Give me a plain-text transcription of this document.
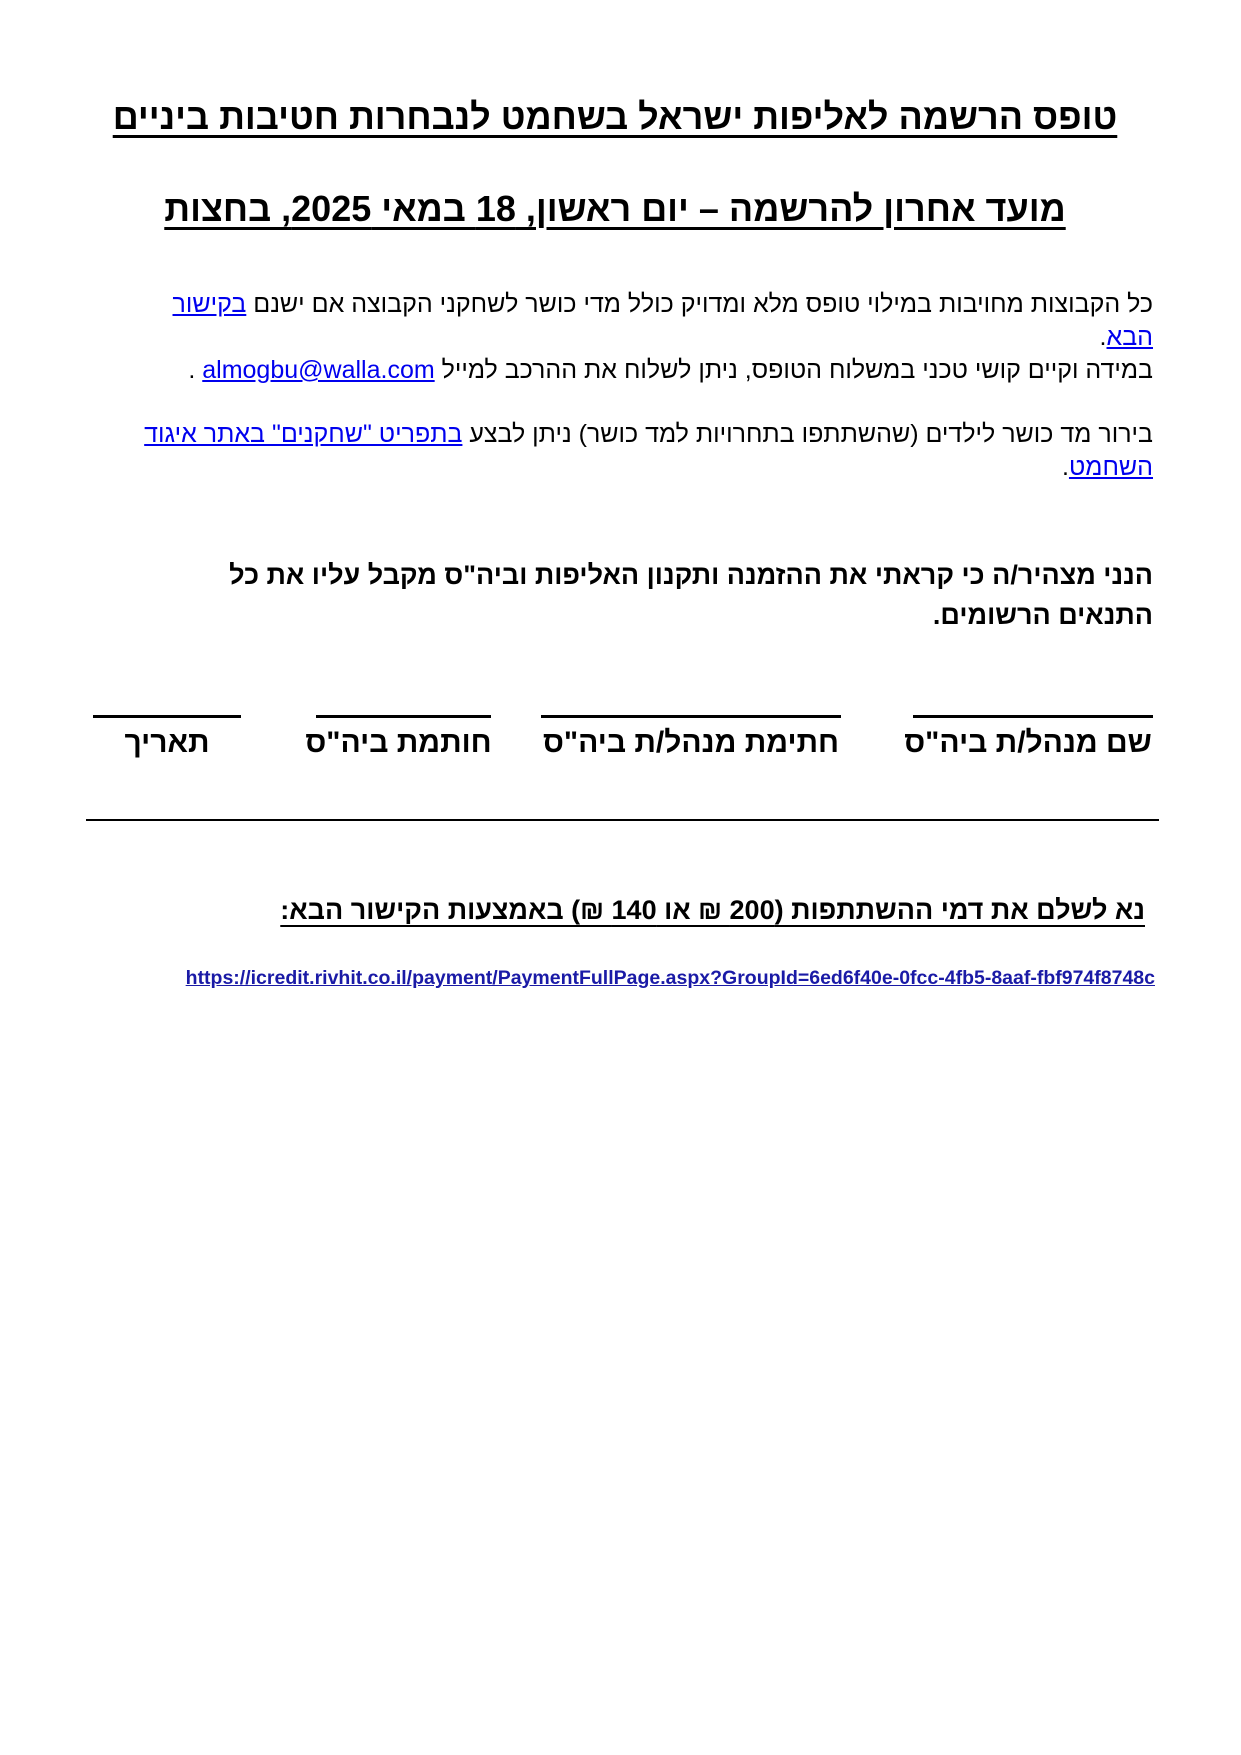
טופס הרשמה לאליפות ישראל בשחמט לנבחרות חטיבות ביניים
מועד אחרון להרשמה – יום ראשון, 18 במאי 2025, בחצות
כל הקבוצות מחויבות במילוי טופס מלא ומדויק כולל מדי כושר לשחקני הקבוצה אם ישנם בקישור הבא.
במידה וקיים קושי טכני במשלוח הטופס, ניתן לשלוח את ההרכב למייל almogbu@walla.com .
בירור מד כושר לילדים (שהשתתפו בתחרויות למד כושר) ניתן לבצע בתפריט "שחקנים" באתר איגוד השחמט.
הנני מצהיר/ה כי קראתי את ההזמנה ותקנון האליפות וביה"ס מקבל עליו את כל התנאים הרשומים.
שם מנהל/ת ביה"ס
חתימת מנהל/ת ביה"ס
חותמת ביה"ס
תאריך
נא לשלם את דמי ההשתתפות (200 ₪ או 140 ₪) באמצעות הקישור הבא:
https://icredit.rivhit.co.il/payment/PaymentFullPage.aspx?GroupId=6ed6f40e-0fcc-4fb5-8aaf-fbf974f8748c
